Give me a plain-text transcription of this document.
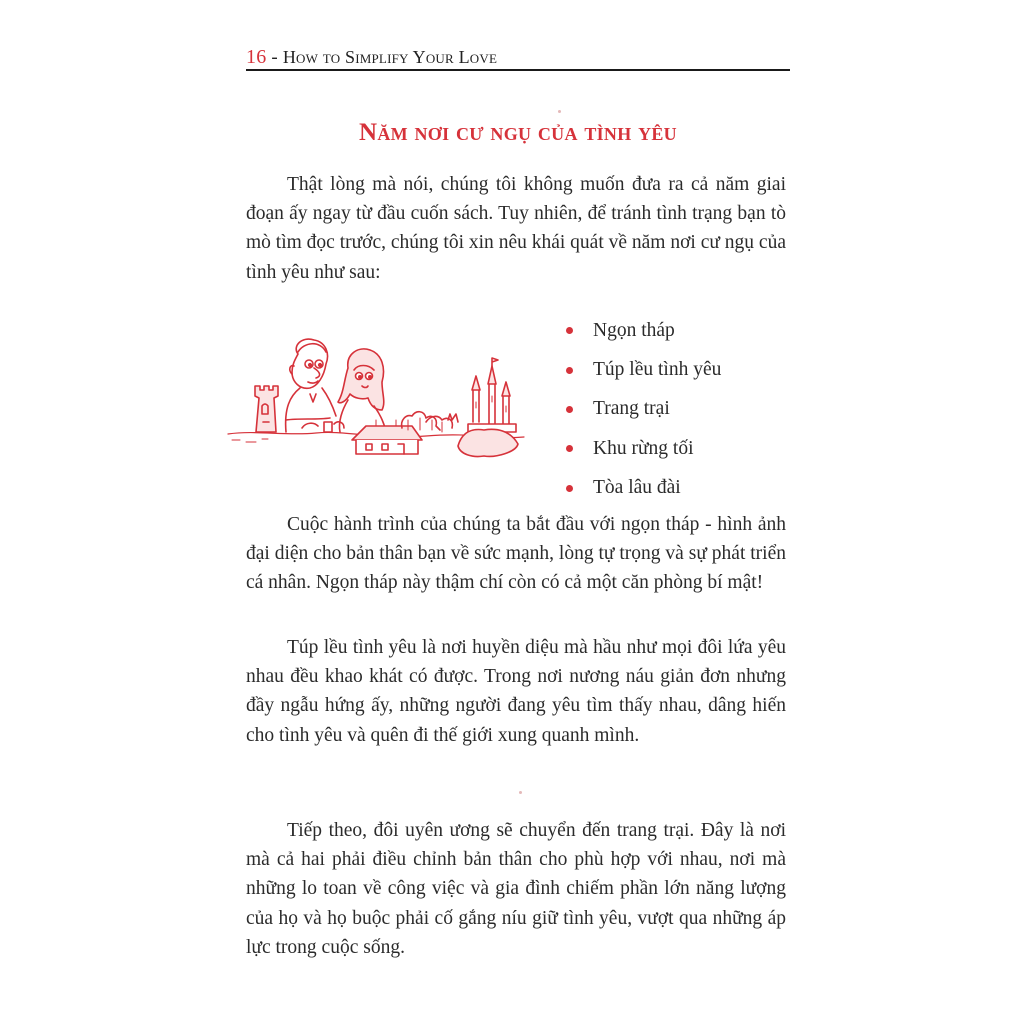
16 - How to Simplify Your Love
Năm nơi cư ngụ của tình yêu

Thật lòng mà nói, chúng tôi không muốn đưa ra cả năm giai đoạn ấy ngay từ đầu cuốn sách. Tuy nhiên, để tránh tình trạng bạn tò mò tìm đọc trước, chúng tôi xin nêu khái quát về năm nơi cư ngụ của tình yêu như sau:

Ngọn tháp
Túp lều tình yêu
Trang trại
Khu rừng tối
Tòa lâu đài

Cuộc hành trình của chúng ta bắt đầu với ngọn tháp - hình ảnh đại diện cho bản thân bạn về sức mạnh, lòng tự trọng và sự phát triển cá nhân. Ngọn tháp này thậm chí còn có cả một căn phòng bí mật!

Túp lều tình yêu là nơi huyền diệu mà hầu như mọi đôi lứa yêu nhau đều khao khát có được. Trong nơi nương náu giản đơn nhưng đầy ngẫu hứng ấy, những người đang yêu tìm thấy nhau, dâng hiến cho tình yêu và quên đi thế giới xung quanh mình.

Tiếp theo, đôi uyên ương sẽ chuyển đến trang trại. Đây là nơi mà cả hai phải điều chỉnh bản thân cho phù hợp với nhau, nơi mà những lo toan về công việc và gia đình chiếm phần lớn năng lượng của họ và họ buộc phải cố gắng níu giữ tình yêu, vượt qua những áp lực trong cuộc sống.
